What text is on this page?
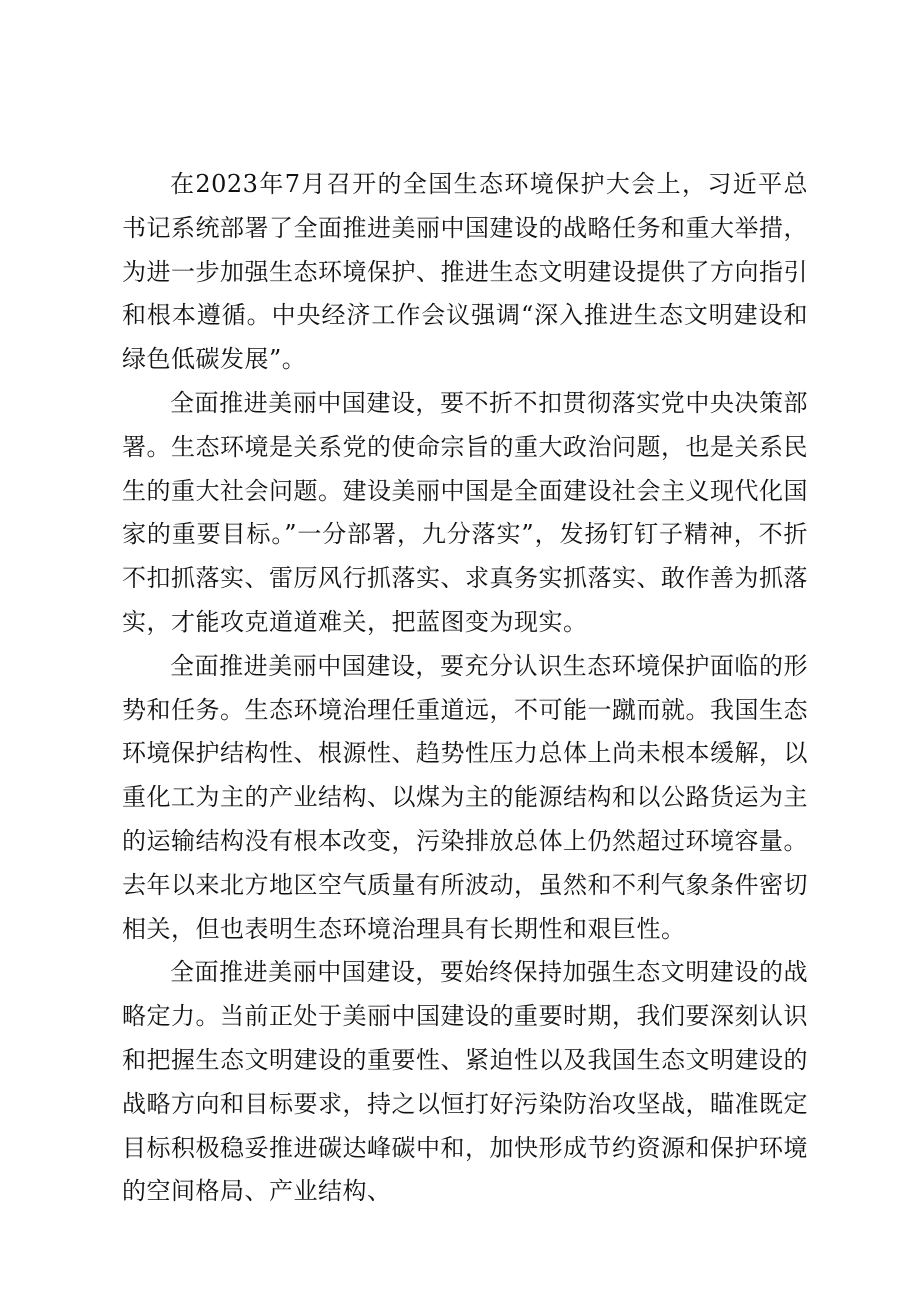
在2023年7月召开的全国生态环境保护大会上，习近平总书记系统部署了全面推进美丽中国建设的战略任务和重大举措，为进一步加强生态环境保护、推进生态文明建设提供了方向指引和根本遵循。中央经济工作会议强调“深入推进生态文明建设和绿色低碳发展”。

全面推进美丽中国建设，要不折不扣贯彻落实党中央决策部署。生态环境是关系党的使命宗旨的重大政治问题，也是关系民生的重大社会问题。建设美丽中国是全面建设社会主义现代化国家的重要目标。”一分部署，九分落实”，发扬钉钉子精神，不折不扣抓落实、雷厉风行抓落实、求真务实抓落实、敢作善为抓落实，才能攻克道道难关，把蓝图变为现实。

全面推进美丽中国建设，要充分认识生态环境保护面临的形势和任务。生态环境治理任重道远，不可能一蹴而就。我国生态环境保护结构性、根源性、趋势性压力总体上尚未根本缓解，以重化工为主的产业结构、以煤为主的能源结构和以公路货运为主的运输结构没有根本改变，污染排放总体上仍然超过环境容量。去年以来北方地区空气质量有所波动，虽然和不利气象条件密切相关，但也表明生态环境治理具有长期性和艰巨性。

全面推进美丽中国建设，要始终保持加强生态文明建设的战略定力。当前正处于美丽中国建设的重要时期，我们要深刻认识和把握生态文明建设的重要性、紧迫性以及我国生态文明建设的战略方向和目标要求，持之以恒打好污染防治攻坚战，瞄准既定目标积极稳妥推进碳达峰碳中和，加快形成节约资源和保护环境的空间格局、产业结构、
